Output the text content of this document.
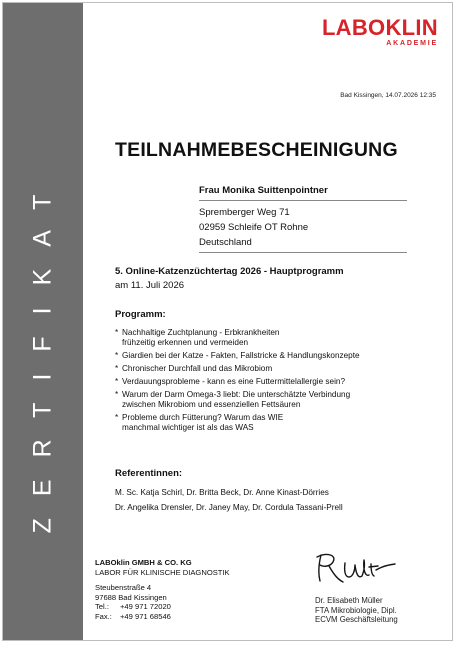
ZERTIFIKAT
LABOKLIN
AKADEMIE
Bad Kissingen, 14.07.2026 12:35
TEILNAHMEBESCHEINIGUNG
Frau Monika Suittenpointner
Spremberger Weg 71
02959 Schleife OT Rohne
Deutschland
5. Online-Katzenzüchtertag 2026 - Hauptprogramm
am 11. Juli 2026
Programm:
* Nachhaltige Zuchtplanung - Erbkrankheiten
frühzeitig erkennen und vermeiden
* Giardien bei der Katze - Fakten, Fallstricke & Handlungskonzepte
* Chronischer Durchfall und das Mikrobiom
* Verdauungsprobleme - kann es eine Futtermittelallergie sein?
* Warum der Darm Omega-3 liebt: Die unterschätzte Verbindung
zwischen Mikrobiom und essenziellen Fettsäuren
* Probleme durch Fütterung? Warum das WIE
manchmal wichtiger ist als das WAS
Referentinnen:
M. Sc. Katja Schirl, Dr. Britta Beck, Dr. Anne Kinast-Dörries
Dr. Angelika Drensler, Dr. Janey May, Dr. Cordula Tassani-Prell
LABOklin GMBH & CO. KG
LABOR FÜR KLINISCHE DIAGNOSTIK
Steubenstraße 4
97688 Bad Kissingen
Tel.:	+49 971 72020
Fax.:	+49 971 68546
Dr. Elisabeth Müller
FTA Mikrobiologie, Dipl.
ECVM Geschäftsleitung
